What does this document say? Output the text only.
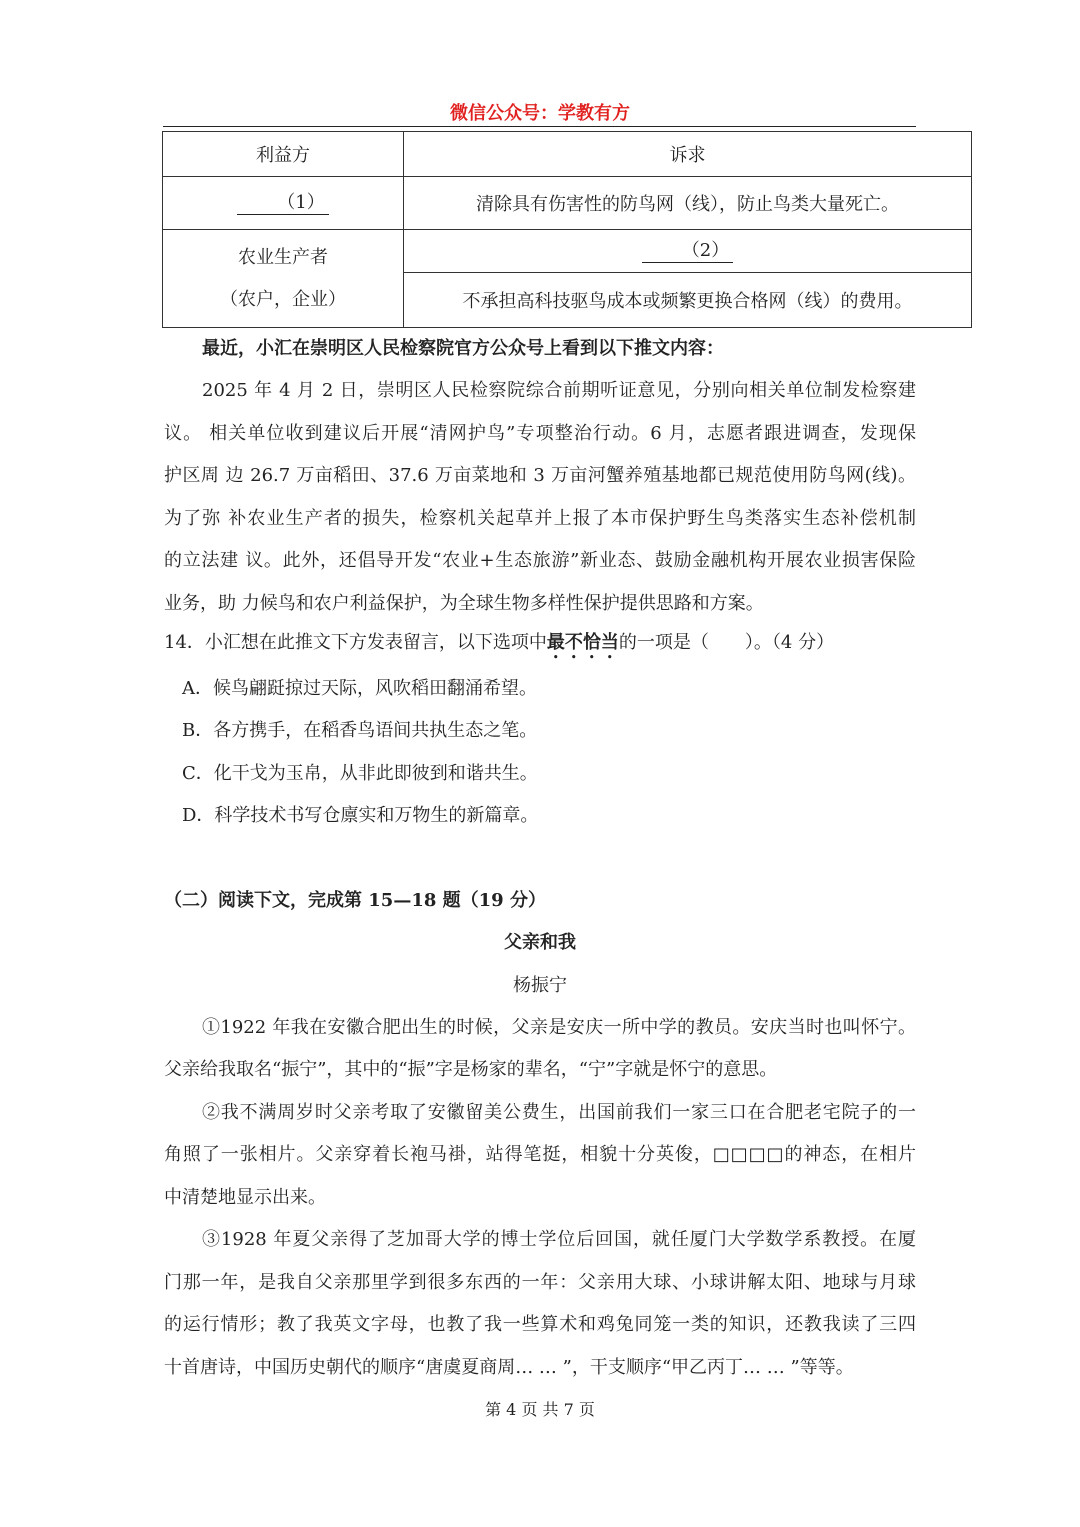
微信公众号：学教有方
利益方	诉求
（1）	清除具有伤害性的防鸟网（线），防止鸟类大量死亡。

农业生产者
（农户，企业）	（2）
	不承担高科技驱鸟成本或频繁更换合格网（线）的费用。
最近，小汇在崇明区人民检察院官方公众号上看到以下推文内容：
2025 年 4 月 2 日，崇明区人民检察院综合前期听证意见，分别向相关单位制发检察建
议。 相关单位收到建议后开展“清网护鸟”专项整治行动。6 月，志愿者跟进调查，发现保
护区周 边 26.7 万亩稻田、37.6 万亩菜地和 3 万亩河蟹养殖基地都已规范使用防鸟网(线)。
为了弥 补农业生产者的损失，检察机关起草并上报了本市保护野生鸟类落实生态补偿机制
的立法建 议。此外，还倡导开发“农业+生态旅游”新业态、鼓励金融机构开展农业损害保险
业务，助 力候鸟和农户利益保护，为全球生物多样性保护提供思路和方案。
14．小汇想在此推文下方发表留言，以下选项中最不恰当的一项是（　　）。（4 分）
A．候鸟翩跹掠过天际，风吹稻田翻涌希望。
B．各方携手，在稻香鸟语间共执生态之笔。
C．化干戈为玉帛，从非此即彼到和谐共生。
D．科学技术书写仓廪实和万物生的新篇章。
（二）阅读下文，完成第 15—18 题（19 分）
父亲和我
杨振宁
①1922 年我在安徽合肥出生的时候，父亲是安庆一所中学的教员。安庆当时也叫怀宁。
父亲给我取名“振宁”，其中的“振”字是杨家的辈名，“宁”字就是怀宁的意思。
②我不满周岁时父亲考取了安徽留美公费生，出国前我们一家三口在合肥老宅院子的一
角照了一张相片。父亲穿着长袍马褂，站得笔挺，相貌十分英俊，□□□□的神态，在相片
中清楚地显示出来。
③1928 年夏父亲得了芝加哥大学的博士学位后回国，就任厦门大学数学系教授。在厦
门那一年，是我自父亲那里学到很多东西的一年：父亲用大球、小球讲解太阳、地球与月球
的运行情形；教了我英文字母，也教了我一些算术和鸡兔同笼一类的知识，还教我读了三四
十首唐诗，中国历史朝代的顺序“唐虞夏商周… … ”，干支顺序“甲乙丙丁… … ”等等。
第 4 页 共 7 页
